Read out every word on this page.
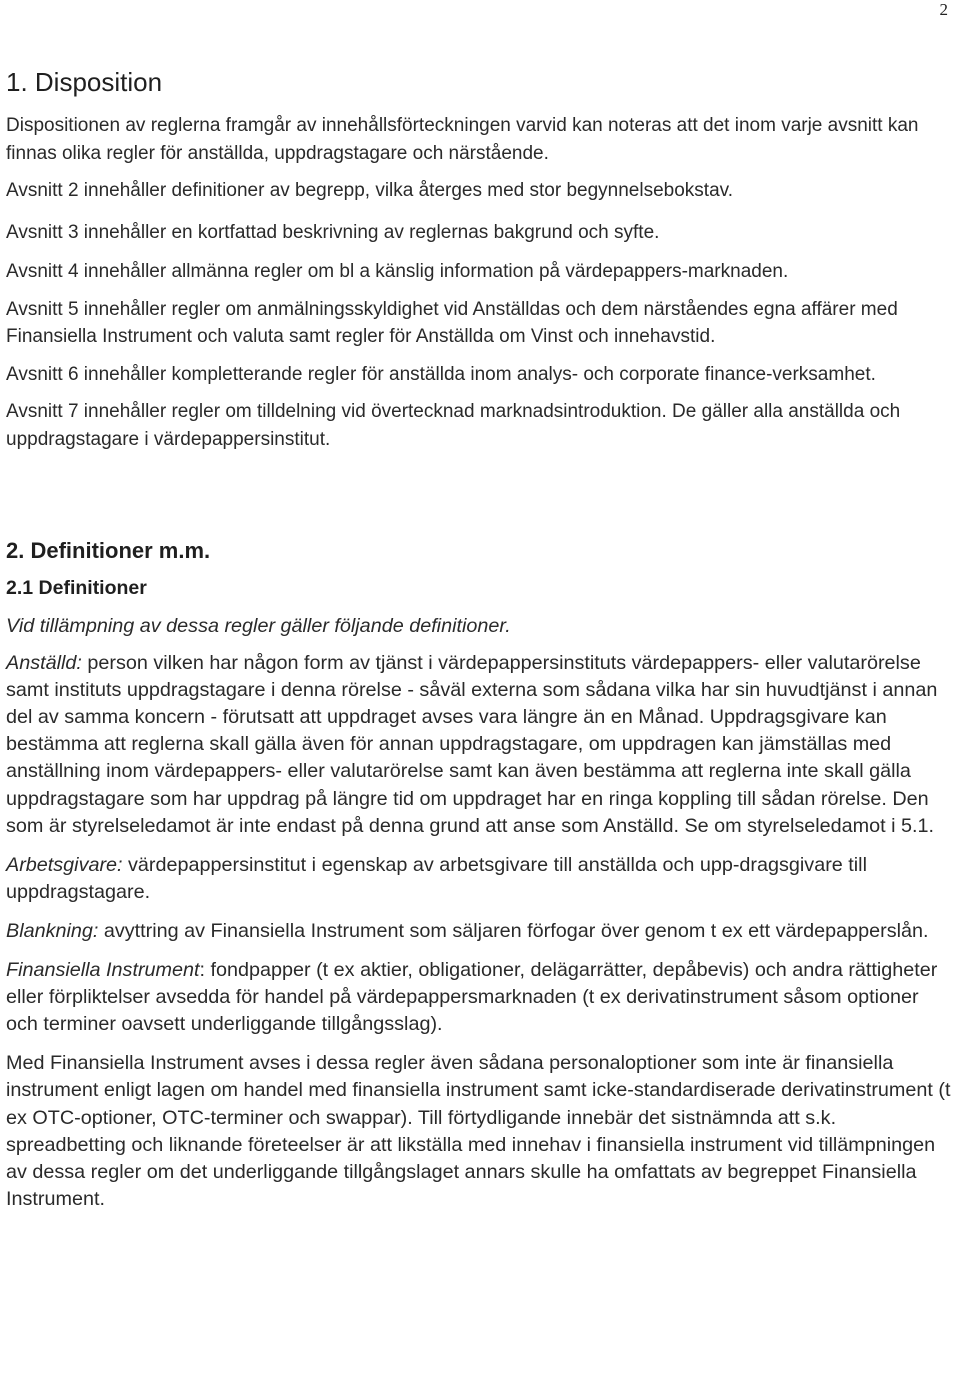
2
1. Disposition

Dispositionen av reglerna framgår av innehållsförteckningen varvid kan noteras att det inom varje avsnitt kan finnas olika regler för anställda, uppdragstagare och närstående.

Avsnitt 2 innehåller definitioner av begrepp, vilka återges med stor begynnelsebokstav.

Avsnitt 3 innehåller en kortfattad beskrivning av reglernas bakgrund och syfte.

Avsnitt 4 innehåller allmänna regler om bl a känslig information på värdepappers-marknaden.

Avsnitt 5 innehåller regler om anmälningsskyldighet vid Anställdas och dem närståendes egna affärer med Finansiella Instrument och valuta samt regler för Anställda om Vinst och innehavstid.

Avsnitt 6 innehåller kompletterande regler för anställda inom analys- och corporate finance-verksamhet.

Avsnitt 7 innehåller regler om tilldelning vid övertecknad marknadsintroduktion. De gäller alla anställda och uppdragstagare i värdepappersinstitut.

2. Definitioner m.m.
2.1 Definitioner

Vid tillämpning av dessa regler gäller följande definitioner.

Anställd: person vilken har någon form av tjänst i värdepappersinstituts värdepappers- eller valutarörelse samt instituts uppdragstagare i denna rörelse - såväl externa som sådana vilka har sin huvudtjänst i annan del av samma koncern - förutsatt att uppdraget avses vara längre än en Månad. Uppdragsgivare kan bestämma att reglerna skall gälla även för annan uppdragstagare, om uppdragen kan jämställas med anställning inom värdepappers- eller valutarörelse samt kan även bestämma att reglerna inte skall gälla uppdragstagare som har uppdrag på längre tid om uppdraget har en ringa koppling till sådan rörelse. Den som är styrelseledamot är inte endast på denna grund att anse som Anställd. Se om styrelseledamot i 5.1.

Arbetsgivare: värdepappersinstitut i egenskap av arbetsgivare till anställda och upp-dragsgivare till uppdragstagare.

Blankning: avyttring av Finansiella Instrument som säljaren förfogar över genom t ex ett värdepapperslån.

Finansiella Instrument: fondpapper (t ex aktier, obligationer, delägarrätter, depåbevis) och andra rättigheter eller förpliktelser avsedda för handel på värdepappersmarknaden (t ex derivatinstrument såsom optioner och terminer oavsett underliggande tillgångsslag).

Med Finansiella Instrument avses i dessa regler även sådana personaloptioner som inte är finansiella instrument enligt lagen om handel med finansiella instrument samt icke-standardiserade derivatinstrument (t ex OTC-optioner, OTC-terminer och swappar). Till förtydligande innebär det sistnämnda att s.k. spreadbetting och liknande företeelser är att likställa med innehav i finansiella instrument vid tillämpningen av dessa regler om det underliggande tillgångslaget annars skulle ha omfattats av begreppet Finansiella Instrument.
